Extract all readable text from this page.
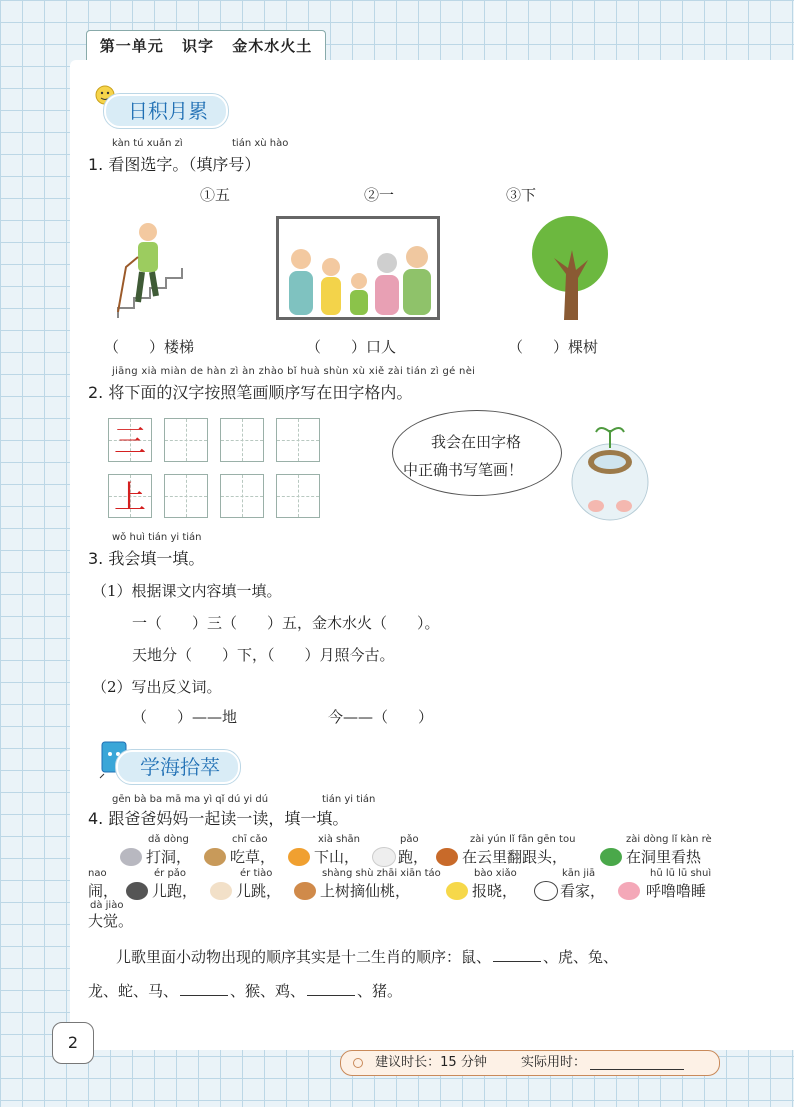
第一单元 识字 金木水火土
日积月累
kàn tú xuǎn zì	tián xù hào
1. 看图选字。（填序号）
①五	②一	③下
（　　）楼梯	（　　）口人	（　　）棵树
jiāng xià miàn de hàn zì àn zhào bǐ huà shùn xù xiě zài tián zì gé nèi
2. 将下面的汉字按照笔画顺序写在田字格内。
三
上
我会在田字格
中正确书写笔画！
wǒ huì tián yi tián
3. 我会填一填。
（1）根据课文内容填一填。
一（　　）三（　　）五，金木水火（　　）。
天地分（　　）下，（　　）月照今古。
（2）写出反义词。
（　　）——地	今——（　　）
学海拾萃
gēn bà ba mā ma yì qǐ dú yi dú	tián yi tián
4. 跟爸爸妈妈一起读一读，填一填。
dǎ dòng	chī cǎo	xià shān	pǎo	zài yún lǐ fān gēn tou	zài dòng lǐ kàn rè
打洞，	吃草，	下山，	跑， 在云里翻跟头，	在洞里看热
nao	ér pǎo	ér tiào	shàng shù zhāi xiān táo	bào xiǎo	kān jiā	hū lū lū shuì
闹， 儿跑，	儿跳，	上树摘仙桃，	报晓，	看家，	呼噜噜睡
dà jiào
大觉。
儿歌里面小动物出现的顺序其实是十二生肖的顺序：鼠、	、虎、兔、
龙、蛇、马、	、猴、鸡、	、猪。
2
建议时长：15 分钟	实际用时：
